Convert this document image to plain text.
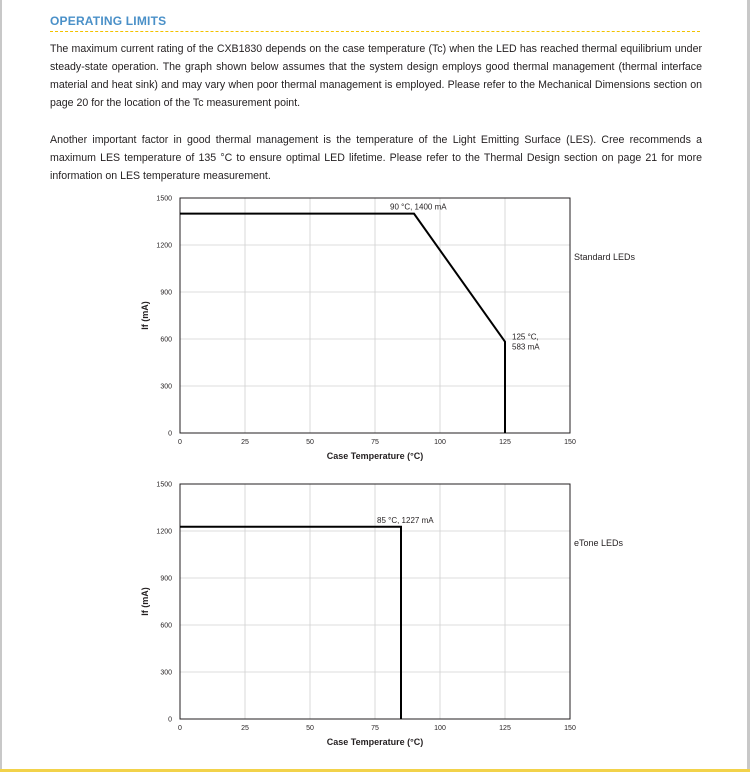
OPERATING LIMITS
The maximum current rating of the CXB1830 depends on the case temperature (Tc) when the LED has reached thermal equilibrium under steady-state operation. The graph shown below assumes that the system design employs good thermal management (thermal interface material and heat sink) and may vary when poor thermal management is employed. Please refer to the Mechanical Dimensions section on page 20 for the location of the Tc measurement point.
Another important factor in good thermal management is the temperature of the Light Emitting Surface (LES). Cree recommends a maximum LES temperature of 135 °C to ensure optimal LED lifetime. Please refer to the Thermal Design section on page 21 for more information on LES temperature measurement.
0	25	50	75	100	125	150
0
300
600
900
1200
1500
Case Temperature (°C)
If (mA)
Standard LEDs
90 °C, 1400 mA
125 °C, 583 mA
0	25	50	75	100	125	150
0
300
600
900
1200
1500
Case Temperature (°C)
If (mA)
eTone LEDs
85 °C, 1227 mA
